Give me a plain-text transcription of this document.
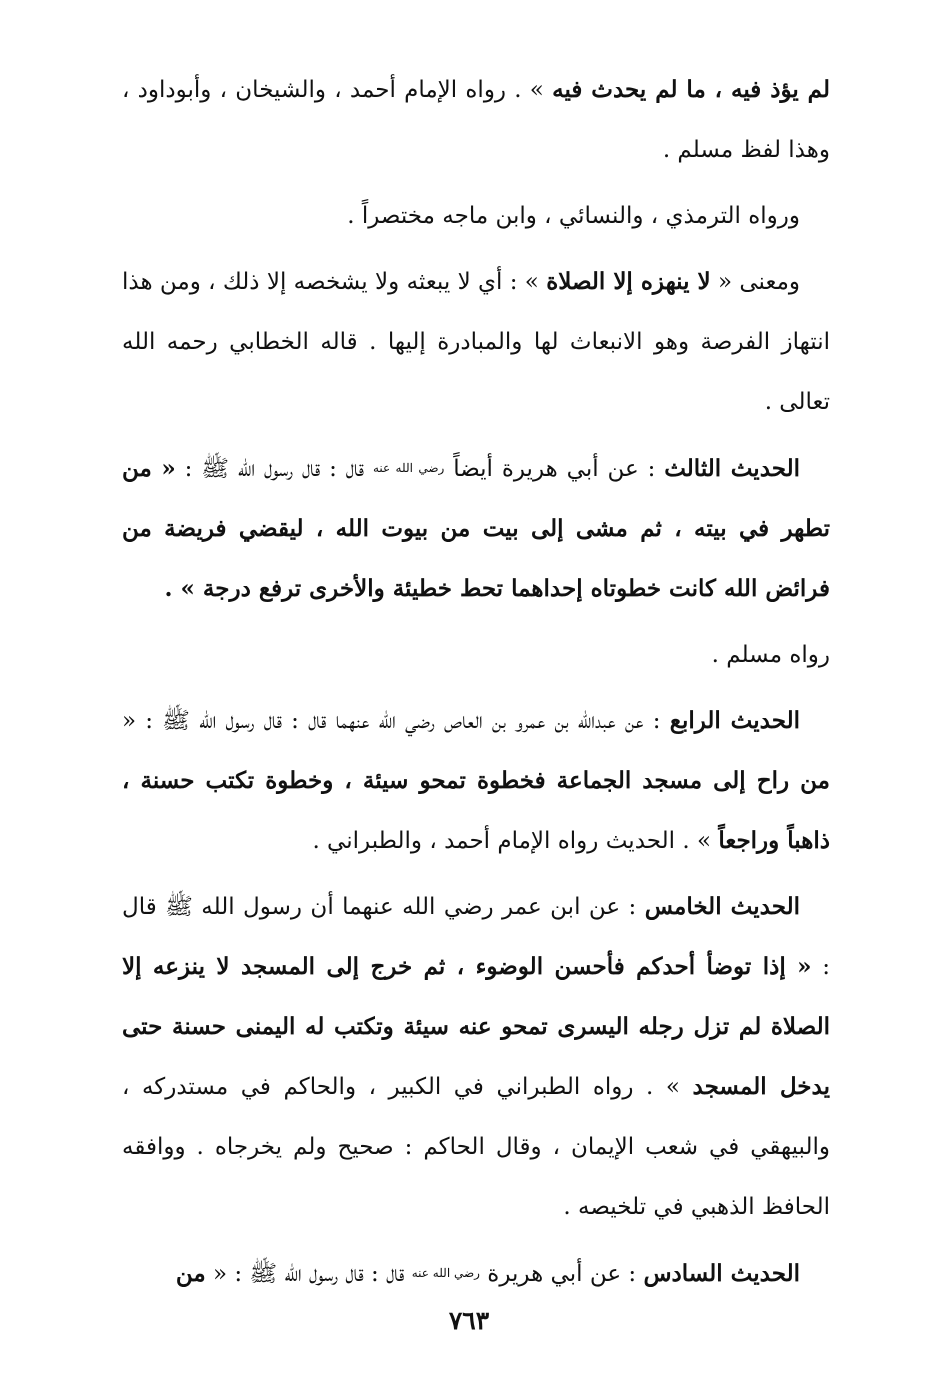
لم يؤذ فيه ، ما لم يحدث فيه » . رواه الإمام أحمد ، والشيخان ، وأبوداود ، وهذا لفظ مسلم .

ورواه الترمذي ، والنسائي ، وابن ماجه مختصراً .

ومعنى « لا ينهزه إلا الصلاة » : أي لا يبعثه ولا يشخصه إلا ذلك ، ومن هذا انتهاز الفرصة وهو الانبعاث لها والمبادرة إليها . قاله الخطابي رحمه الله تعالى .

الحديث الثالث : عن أبي هريرة أيضاً رضي الله عنه قال : قال رسول الله ﷺ : « من تطهر في بيته ، ثم مشى إلى بيت من بيوت الله ، ليقضي فريضة من فرائض الله كانت خطوتاه إحداهما تحط خطيئة والأخرى ترفع درجة » .

رواه مسلم .

الحديث الرابع : عن عبدالله بن عمرو بن العاص رضي الله عنهما قال : قال رسول الله ﷺ : « من راح إلى مسجد الجماعة فخطوة تمحو سيئة ، وخطوة تكتب حسنة ، ذاهباً وراجعاً » . الحديث رواه الإمام أحمد ، والطبراني .

الحديث الخامس : عن ابن عمر رضي الله عنهما أن رسول الله ﷺ قال : « إذا توضأ أحدكم فأحسن الوضوء ، ثم خرج إلى المسجد لا ينزعه إلا الصلاة لم تزل رجله اليسرى تمحو عنه سيئة وتكتب له اليمنى حسنة حتى يدخل المسجد » . رواه الطبراني في الكبير ، والحاكم في مستدركه ، والبيهقي في شعب الإيمان ، وقال الحاكم : صحيح ولم يخرجاه . ووافقه الحافظ الذهبي في تلخيصه .

الحديث السادس : عن أبي هريرة رضي الله عنه قال : قال رسول الله ﷺ : « من

٧٦٣
